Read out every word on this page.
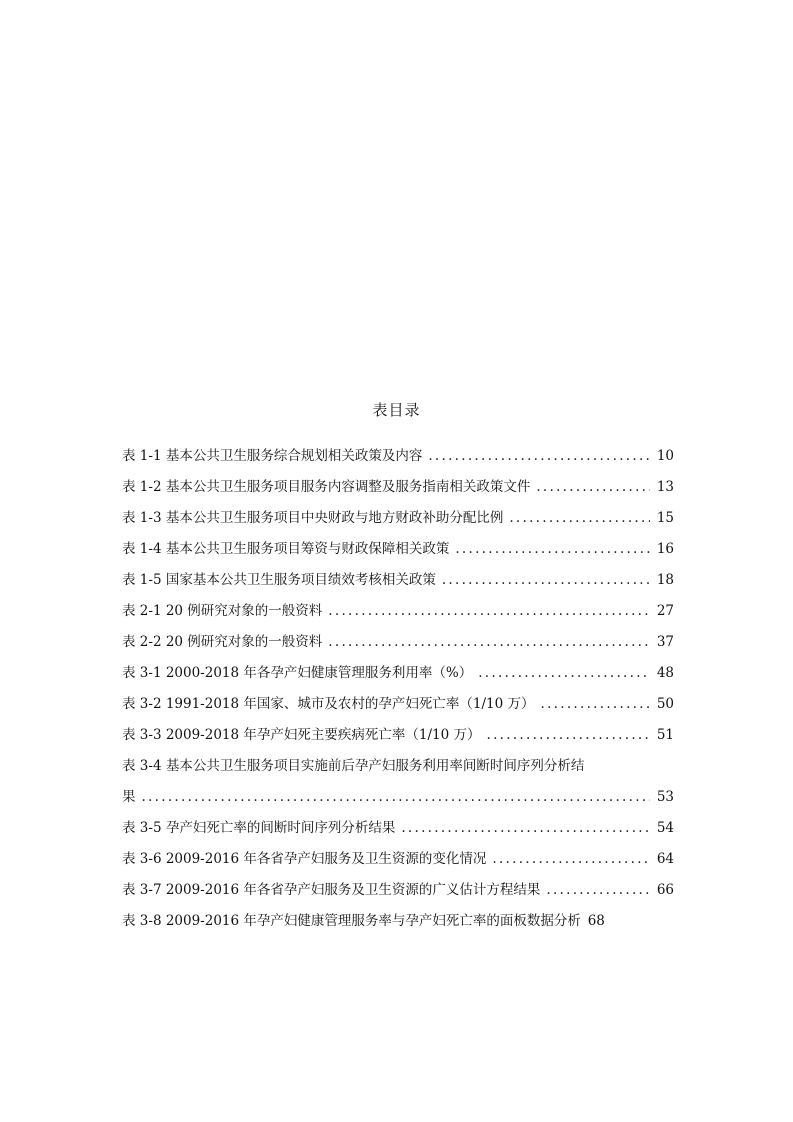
表目录
表 1-1 基本公共卫生服务综合规划相关政策及内容 . . .	10
表 1-2 基本公共卫生服务项目服务内容调整及服务指南相关政策文件 . . .	13
表 1-3 基本公共卫生服务项目中央财政与地方财政补助分配比例 . . .	15
表 1-4 基本公共卫生服务项目筹资与财政保障相关政策 . . .	16
表 1-5 国家基本公共卫生服务项目绩效考核相关政策 . . .	18
表 2-1 20 例研究对象的一般资料 . . .	27
表 2-2 20 例研究对象的一般资料 . . .	37
表 3-1 2000-2018 年各孕产妇健康管理服务利用率（%） . . .	48
表 3-2 1991-2018 年国家、城市及农村的孕产妇死亡率（1/10 万） . . .	50
表 3-3 2009-2018 年孕产妇死主要疾病死亡率（1/10 万） . . .	51
表 3-4 基本公共卫生服务项目实施前后孕产妇服务利用率间断时间序列分析结
果 . . .	53
表 3-5 孕产妇死亡率的间断时间序列分析结果 . . .	54
表 3-6 2009-2016 年各省孕产妇服务及卫生资源的变化情况 . . .	64
表 3-7 2009-2016 年各省孕产妇服务及卫生资源的广义估计方程结果 . . .	66
表 3-8 2009-2016 年孕产妇健康管理服务率与孕产妇死亡率的面板数据分析 68
